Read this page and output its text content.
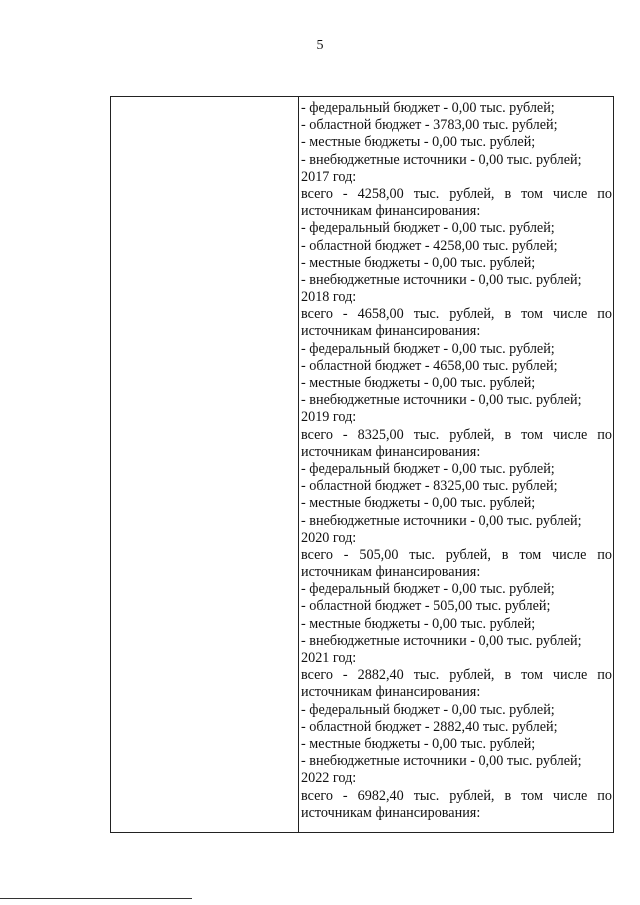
5
- федеральный бюджет - 0,00 тыс. рублей;
- областной бюджет - 3783,00 тыс. рублей;
- местные бюджеты - 0,00 тыс. рублей;
- внебюджетные источники - 0,00 тыс. рублей;
2017 год:
всего - 4258,00 тыс. рублей, в том числе по
источникам финансирования:
- федеральный бюджет - 0,00 тыс. рублей;
- областной бюджет - 4258,00 тыс. рублей;
- местные бюджеты - 0,00 тыс. рублей;
- внебюджетные источники - 0,00 тыс. рублей;
2018 год:
всего - 4658,00 тыс. рублей, в том числе по
источникам финансирования:
- федеральный бюджет - 0,00 тыс. рублей;
- областной бюджет - 4658,00 тыс. рублей;
- местные бюджеты - 0,00 тыс. рублей;
- внебюджетные источники - 0,00 тыс. рублей;
2019 год:
всего - 8325,00 тыс. рублей, в том числе по
источникам финансирования:
- федеральный бюджет - 0,00 тыс. рублей;
- областной бюджет - 8325,00 тыс. рублей;
- местные бюджеты - 0,00 тыс. рублей;
- внебюджетные источники - 0,00 тыс. рублей;
2020 год:
всего - 505,00 тыс. рублей, в том числе по
источникам финансирования:
- федеральный бюджет - 0,00 тыс. рублей;
- областной бюджет - 505,00 тыс. рублей;
- местные бюджеты - 0,00 тыс. рублей;
- внебюджетные источники - 0,00 тыс. рублей;
2021 год:
всего - 2882,40 тыс. рублей, в том числе по
источникам финансирования:
- федеральный бюджет - 0,00 тыс. рублей;
- областной бюджет - 2882,40 тыс. рублей;
- местные бюджеты - 0,00 тыс. рублей;
- внебюджетные источники - 0,00 тыс. рублей;
2022 год:
всего - 6982,40 тыс. рублей, в том числе по
источникам финансирования:
